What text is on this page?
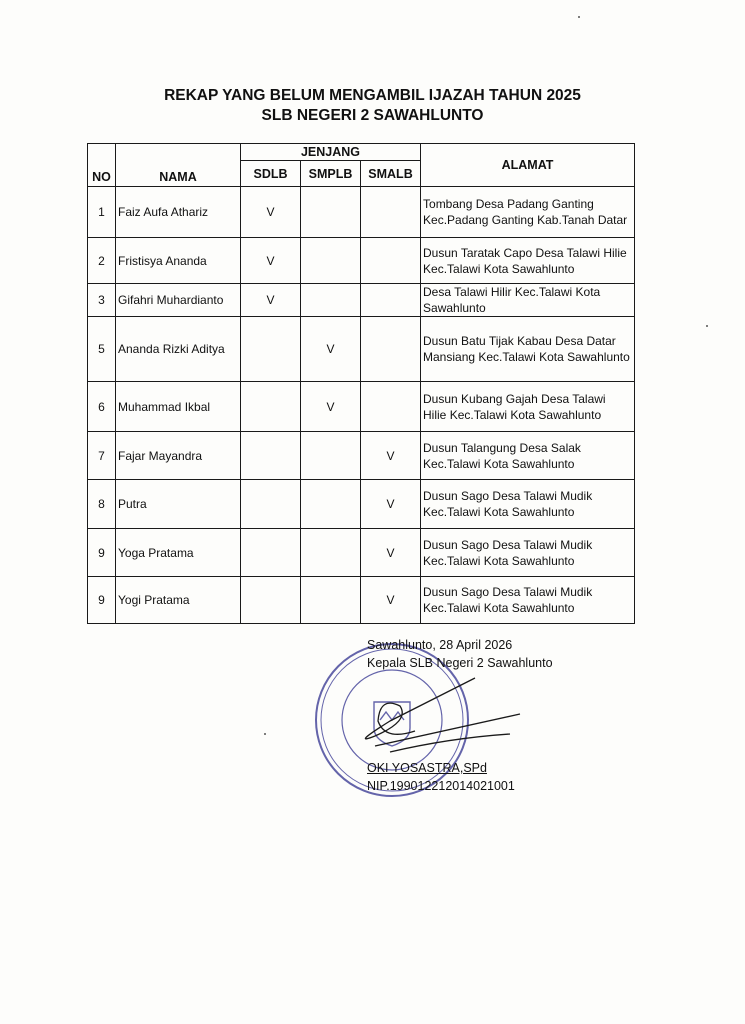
REKAP YANG BELUM MENGAMBIL IJAZAH TAHUN 2025
SLB NEGERI 2 SAWAHLUNTO
NO	NAMA	JENJANG			ALAMAT
		SDLB	SMPLB	SMALB	
1	Faiz Aufa Athariz	V			Tombang Desa Padang Ganting Kec.Padang Ganting Kab.Tanah Datar
2	Fristisya Ananda	V			Dusun Taratak Capo Desa Talawi Hilie Kec.Talawi Kota Sawahlunto
3	Gifahri Muhardianto	V			Desa Talawi Hilir Kec.Talawi Kota Sawahlunto
5	Ananda Rizki Aditya		V		Dusun Batu Tijak Kabau Desa Datar Mansiang Kec.Talawi Kota Sawahlunto
6	Muhammad Ikbal		V		Dusun Kubang Gajah Desa Talawi Hilie Kec.Talawi Kota Sawahlunto
7	Fajar Mayandra			V	Dusun Talangung Desa Salak Kec.Talawi Kota Sawahlunto
8	Putra			V	Dusun Sago Desa Talawi Mudik Kec.Talawi Kota Sawahlunto
9	Yoga Pratama			V	Dusun Sago Desa Talawi Mudik Kec.Talawi Kota Sawahlunto
9	Yogi Pratama			V	Dusun Sago Desa Talawi Mudik Kec.Talawi Kota Sawahlunto
Sawahlunto, 28 April 2026
Kepala SLB Negeri 2 Sawahlunto
OKI YOSASTRA,SPd
NIP.199012212014021001
